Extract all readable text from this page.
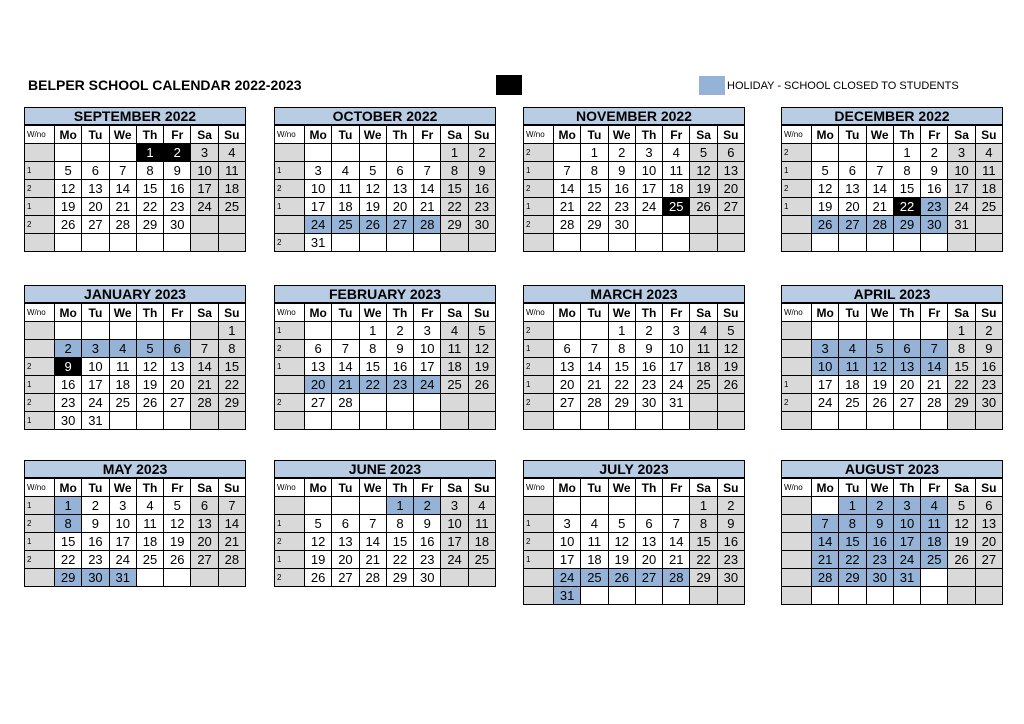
BELPER SCHOOL CALENDAR 2022-2023	HOLIDAY - SCHOOL CLOSED TO STUDENTS
SEPTEMBER 2022
W/no	Mo	Tu	We	Th	Fr	Sa	Su
				1	2	3	4
1	5	6	7	8	9	10	11
2	12	13	14	15	16	17	18
1	19	20	21	22	23	24	25
2	26	27	28	29	30		

OCTOBER 2022
W/no	Mo	Tu	We	Th	Fr	Sa	Su
						1	2
1	3	4	5	6	7	8	9
2	10	11	12	13	14	15	16
1	17	18	19	20	21	22	23
	24	25	26	27	28	29	30
2	31						
NOVEMBER 2022
W/no	Mo	Tu	We	Th	Fr	Sa	Su
2		1	2	3	4	5	6
1	7	8	9	10	11	12	13
2	14	15	16	17	18	19	20
1	21	22	23	24	25	26	27
2	28	29	30				

DECEMBER 2022
W/no	Mo	Tu	We	Th	Fr	Sa	Su
2				1	2	3	4
1	5	6	7	8	9	10	11
2	12	13	14	15	16	17	18
1	19	20	21	22	23	24	25
	26	27	28	29	30	31	

JANUARY 2023
W/no	Mo	Tu	We	Th	Fr	Sa	Su
							1
	2	3	4	5	6	7	8
2	9	10	11	12	13	14	15
1	16	17	18	19	20	21	22
2	23	24	25	26	27	28	29
1	30	31					
FEBRUARY 2023
W/no	Mo	Tu	We	Th	Fr	Sa	Su
1			1	2	3	4	5
2	6	7	8	9	10	11	12
1	13	14	15	16	17	18	19
	20	21	22	23	24	25	26
2	27	28					

MARCH 2023
W/no	Mo	Tu	We	Th	Fr	Sa	Su
2			1	2	3	4	5
1	6	7	8	9	10	11	12
2	13	14	15	16	17	18	19
1	20	21	22	23	24	25	26
2	27	28	29	30	31		

APRIL 2023
W/no	Mo	Tu	We	Th	Fr	Sa	Su
						1	2
	3	4	5	6	7	8	9
	10	11	12	13	14	15	16
1	17	18	19	20	21	22	23
2	24	25	26	27	28	29	30

MAY 2023
W/no	Mo	Tu	We	Th	Fr	Sa	Su
1	1	2	3	4	5	6	7
2	8	9	10	11	12	13	14
1	15	16	17	18	19	20	21
2	22	23	24	25	26	27	28
	29	30	31				
JUNE 2023
W/no	Mo	Tu	We	Th	Fr	Sa	Su
				1	2	3	4
1	5	6	7	8	9	10	11
2	12	13	14	15	16	17	18
1	19	20	21	22	23	24	25
2	26	27	28	29	30		
JULY 2023
W/no	Mo	Tu	We	Th	Fr	Sa	Su
						1	2
1	3	4	5	6	7	8	9
2	10	11	12	13	14	15	16
1	17	18	19	20	21	22	23
	24	25	26	27	28	29	30
	31						
AUGUST 2023
W/no	Mo	Tu	We	Th	Fr	Sa	Su
		1	2	3	4	5	6
	7	8	9	10	11	12	13
	14	15	16	17	18	19	20
	21	22	23	24	25	26	27
	28	29	30	31			
